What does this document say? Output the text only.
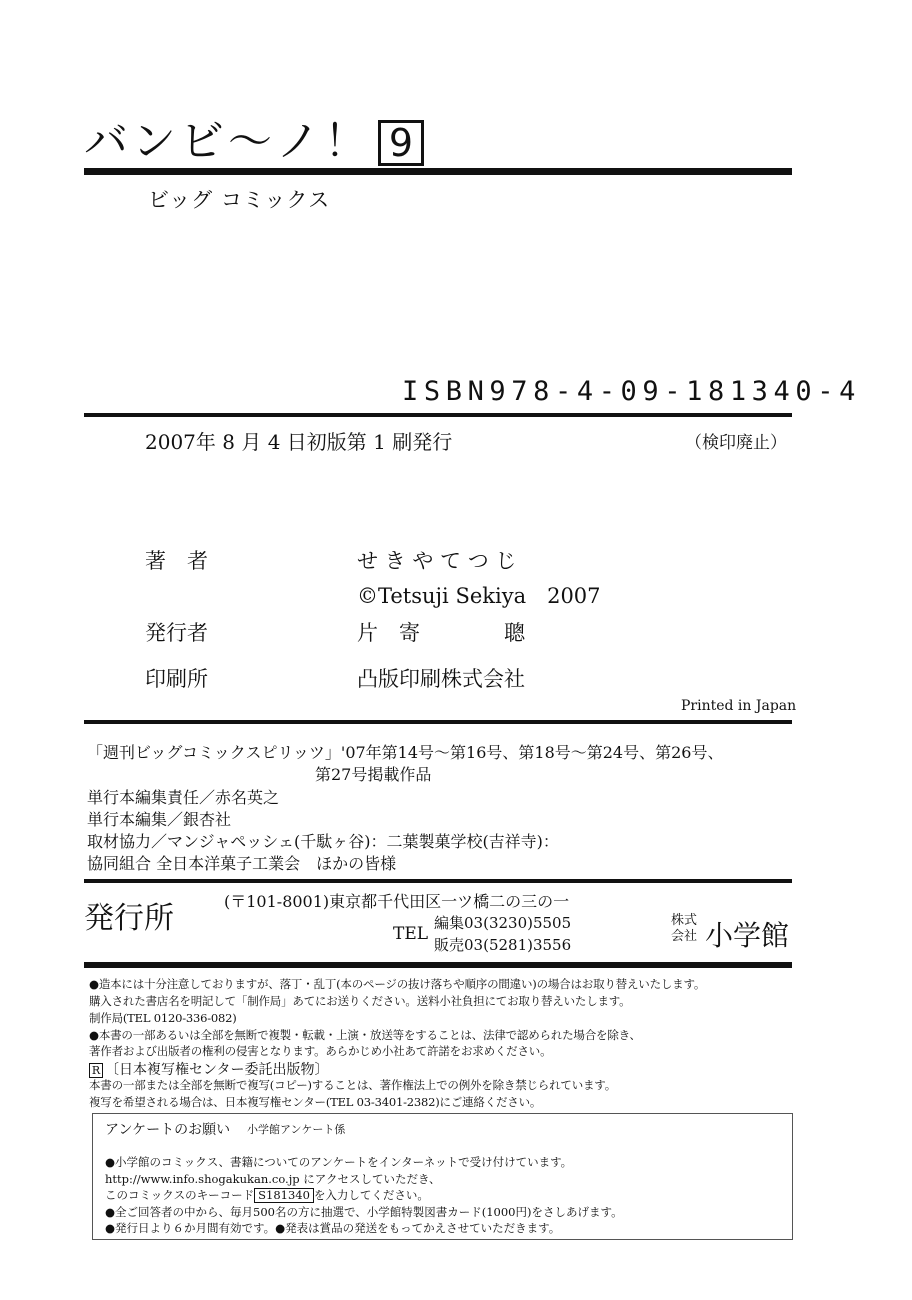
バンビ～ノ！ 9
ビッグ コミックス
ISBN978-4-09-181340-4
2007年 8 月 4 日初版第 1 刷発行	（検印廃止）
著　者	せ き や て つ じ
©Tetsuji Sekiya　2007
発行者	片　寄　　　　聰
印刷所	凸版印刷株式会社
Printed in Japan
「週刊ビッグコミックスピリッツ」'07年第14号～第16号、第18号～第24号、第26号、
第27号掲載作品
単行本編集責任／赤名英之
単行本編集／銀杏社
取材協力／マンジャペッシェ(千駄ヶ谷)：二葉製菓学校(吉祥寺)：
協同組合 全日本洋菓子工業会　ほかの皆様
発行所	(〒101-8001)東京都千代田区一ツ橋二の三の一
TEL
編集03(3230)5505
販売03(5281)3556
株式会社 小学館
●造本には十分注意しておりますが、落丁・乱丁(本のページの抜け落ちや順序の間違い)の場合はお取り替えいたします。
購入された書店名を明記して「制作局」あてにお送りください。送料小社負担にてお取り替えいたします。
制作局(TEL 0120-336-082)
●本書の一部あるいは全部を無断で複製・転載・上演・放送等をすることは、法律で認められた場合を除き、
著作者および出版者の権利の侵害となります。あらかじめ小社あて許諾をお求めください。
R 〔日本複写権センター委託出版物〕
本書の一部または全部を無断で複写(コピー)することは、著作権法上での例外を除き禁じられています。
複写を希望される場合は、日本複写権センター(TEL 03-3401-2382)にご連絡ください。
アンケートのお願い 小学館アンケート係
●小学館のコミックス、書籍についてのアンケートをインターネットで受け付けています。
http://www.info.shogakukan.co.jp にアクセスしていただき、
このコミックスのキーコード S181340 を入力してください。
●全ご回答者の中から、毎月500名の方に抽選で、小学館特製図書カード(1000円)をさしあげます。
●発行日より６か月間有効です。●発表は賞品の発送をもってかえさせていただきます。
